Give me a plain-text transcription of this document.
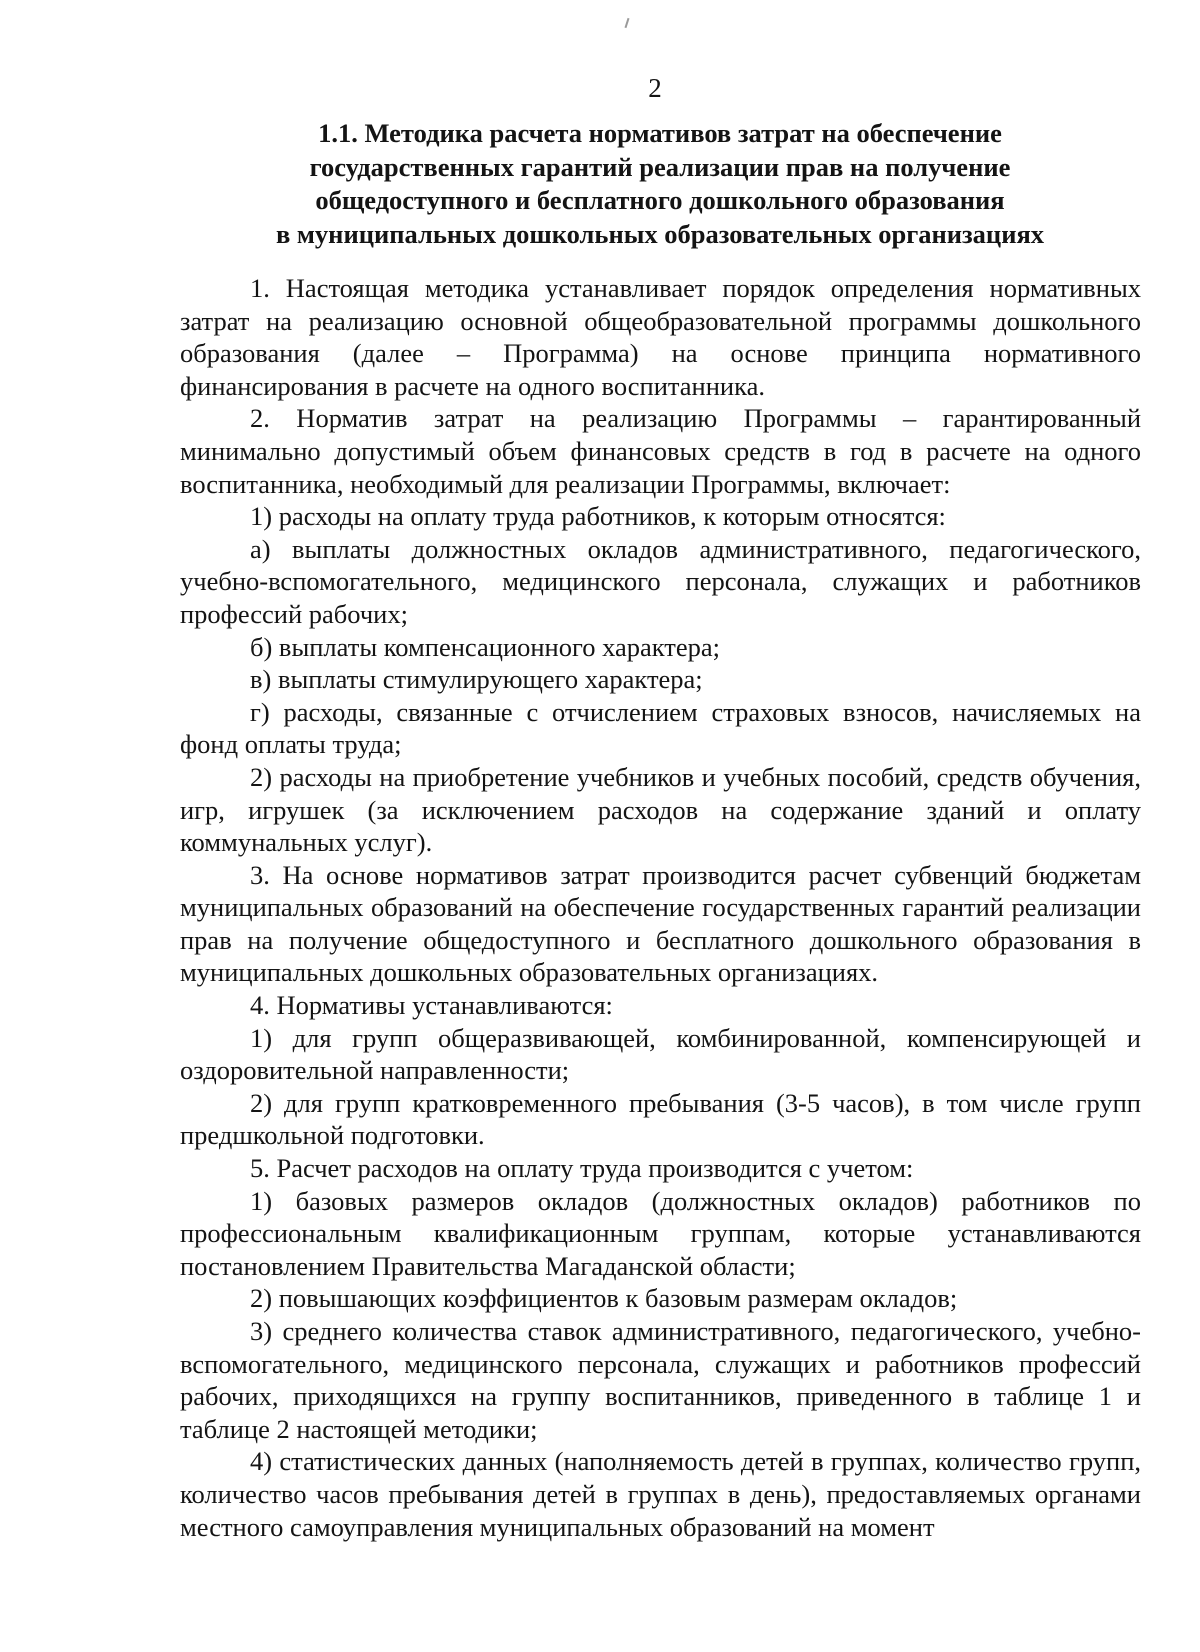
2
1.1. Методика расчета нормативов затрат на обеспечение
государственных гарантий реализации прав на получение
общедоступного и бесплатного дошкольного образования
в муниципальных дошкольных образовательных организациях

1. Настоящая методика устанавливает порядок определения нормативных затрат на реализацию основной общеобразовательной программы дошкольного образования (далее – Программа) на основе принципа нормативного финансирования в расчете на одного воспитанника.

2. Норматив затрат на реализацию Программы – гарантированный минимально допустимый объем финансовых средств в год в расчете на одного воспитанника, необходимый для реализации Программы, включает:

1) расходы на оплату труда работников, к которым относятся:

а) выплаты должностных окладов административного, педагогического, учебно-вспомогательного, медицинского персонала, служащих и работников профессий рабочих;

б) выплаты компенсационного характера;

в) выплаты стимулирующего характера;

г) расходы, связанные с отчислением страховых взносов, начисляемых на фонд оплаты труда;

2) расходы на приобретение учебников и учебных пособий, средств обучения, игр, игрушек (за исключением расходов на содержание зданий и оплату коммунальных услуг).

3. На основе нормативов затрат производится расчет субвенций бюджетам муниципальных образований на обеспечение государственных гарантий реализации прав на получение общедоступного и бесплатного дошкольного образования в муниципальных дошкольных образовательных организациях.

4. Нормативы устанавливаются:

1) для групп общеразвивающей, комбинированной, компенсирующей и оздоровительной направленности;

2) для групп кратковременного пребывания (3-5 часов), в том числе групп предшкольной подготовки.

5. Расчет расходов на оплату труда производится с учетом:

1) базовых размеров окладов (должностных окладов) работников по профессиональным квалификационным группам, которые устанавливаются постановлением Правительства Магаданской области;

2) повышающих коэффициентов к базовым размерам окладов;

3) среднего количества ставок административного, педагогического, учебно-вспомогательного, медицинского персонала, служащих и работников профессий рабочих, приходящихся на группу воспитанников, приведенного в таблице 1 и таблице 2 настоящей методики;

4) статистических данных (наполняемость детей в группах, количество групп, количество часов пребывания детей в группах в день), предоставляемых органами местного самоуправления муниципальных образований на момент
